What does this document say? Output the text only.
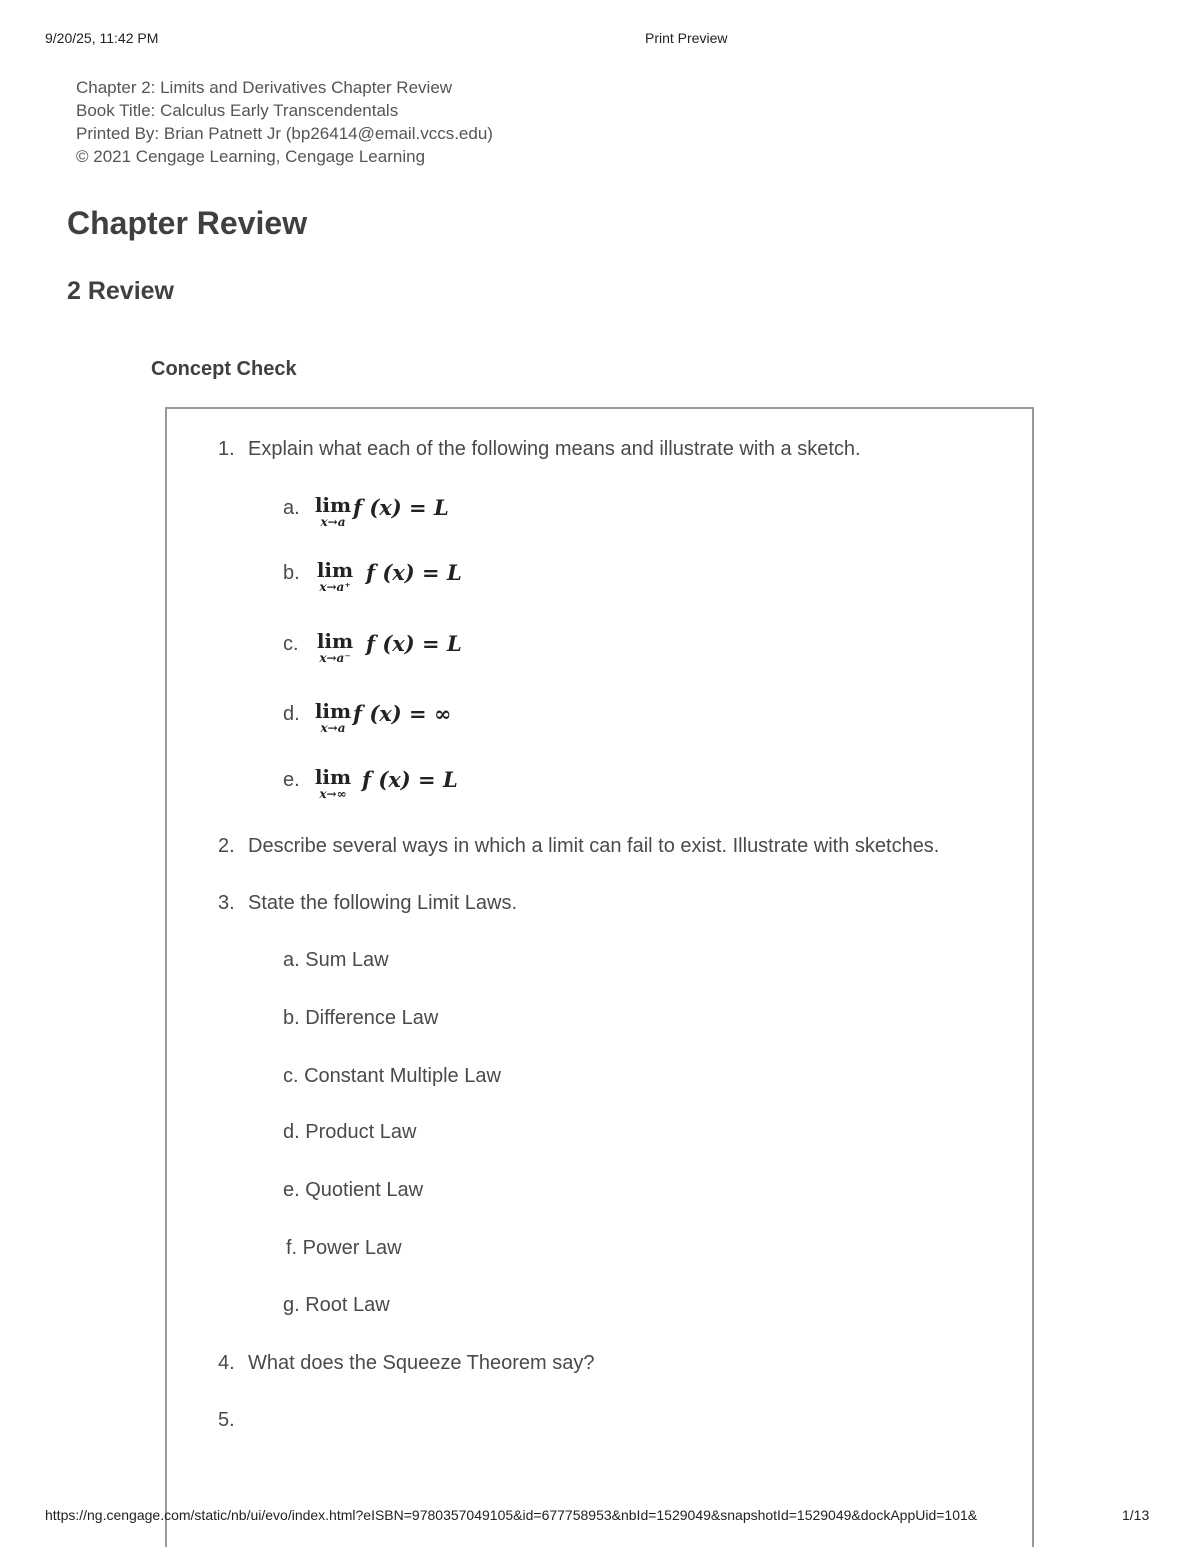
9/20/25, 11:42 PM	Print Preview
Chapter 2: Limits and Derivatives Chapter Review
Book Title: Calculus Early Transcendentals
Printed By: Brian Patnett Jr (bp26414@email.vccs.edu)
© 2021 Cengage Learning, Cengage Learning
Chapter Review
2 Review
Concept Check
1. Explain what each of the following means and illustrate with a sketch.
a. lim
x→a
f (x) = L
b. lim
x→a⁺
f (x) = L
c. lim
x→a⁻
f (x) = L
d. lim
x→a
f (x) = ∞
e. lim
x→∞
f (x) = L
2. Describe several ways in which a limit can fail to exist. Illustrate with sketches.
3. State the following Limit Laws.
a. Sum Law
b. Difference Law
c. Constant Multiple Law
d. Product Law
e. Quotient Law
f. Power Law
g. Root Law
4. What does the Squeeze Theorem say?
5.
https://ng.cengage.com/static/nb/ui/evo/index.html?eISBN=9780357049105&id=677758953&nbId=1529049&snapshotId=1529049&dockAppUid=101&	1/13
